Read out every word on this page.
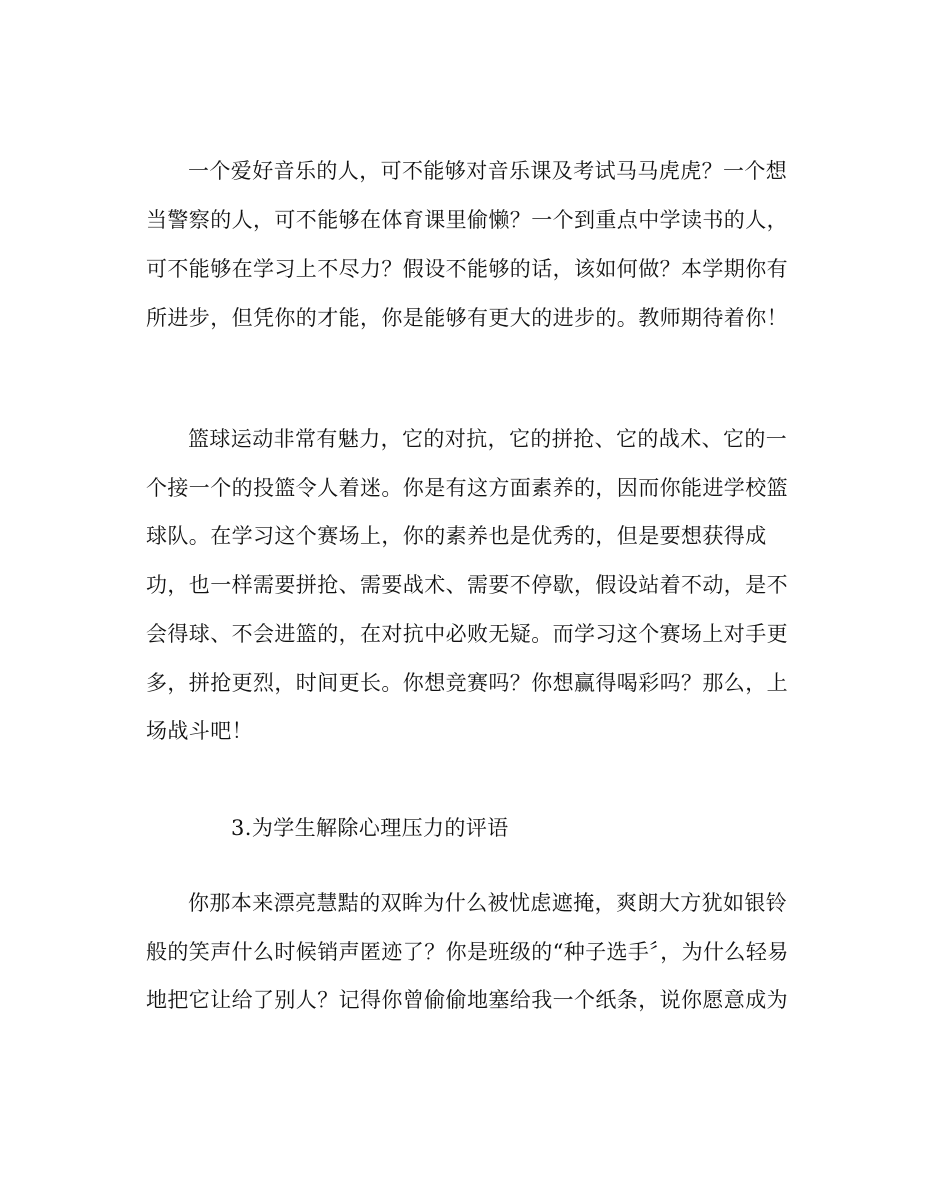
一个爱好音乐的人，可不能够对音乐课及考试马马虎虎？一个想
当警察的人，可不能够在体育课里偷懒？一个到重点中学读书的人，
可不能够在学习上不尽力？假设不能够的话，该如何做？本学期你有
所进步，但凭你的才能，你是能够有更大的进步的。教师期待着你！
篮球运动非常有魅力，它的对抗，它的拼抢、它的战术、它的一
个接一个的投篮令人着迷。你是有这方面素养的，因而你能进学校篮
球队。在学习这个赛场上，你的素养也是优秀的，但是要想获得成
功，也一样需要拼抢、需要战术、需要不停歇，假设站着不动，是不
会得球、不会进篮的，在对抗中必败无疑。而学习这个赛场上对手更
多，拼抢更烈，时间更长。你想竞赛吗？你想赢得喝彩吗？那么，上
场战斗吧！
3.为学生解除心理压力的评语
你那本来漂亮慧黠的双眸为什么被忧虑遮掩，爽朗大方犹如银铃
般的笑声什么时候销声匿迹了？你是班级的“种子选手〞，为什么轻易
地把它让给了别人？记得你曾偷偷地塞给我一个纸条，说你愿意成为
